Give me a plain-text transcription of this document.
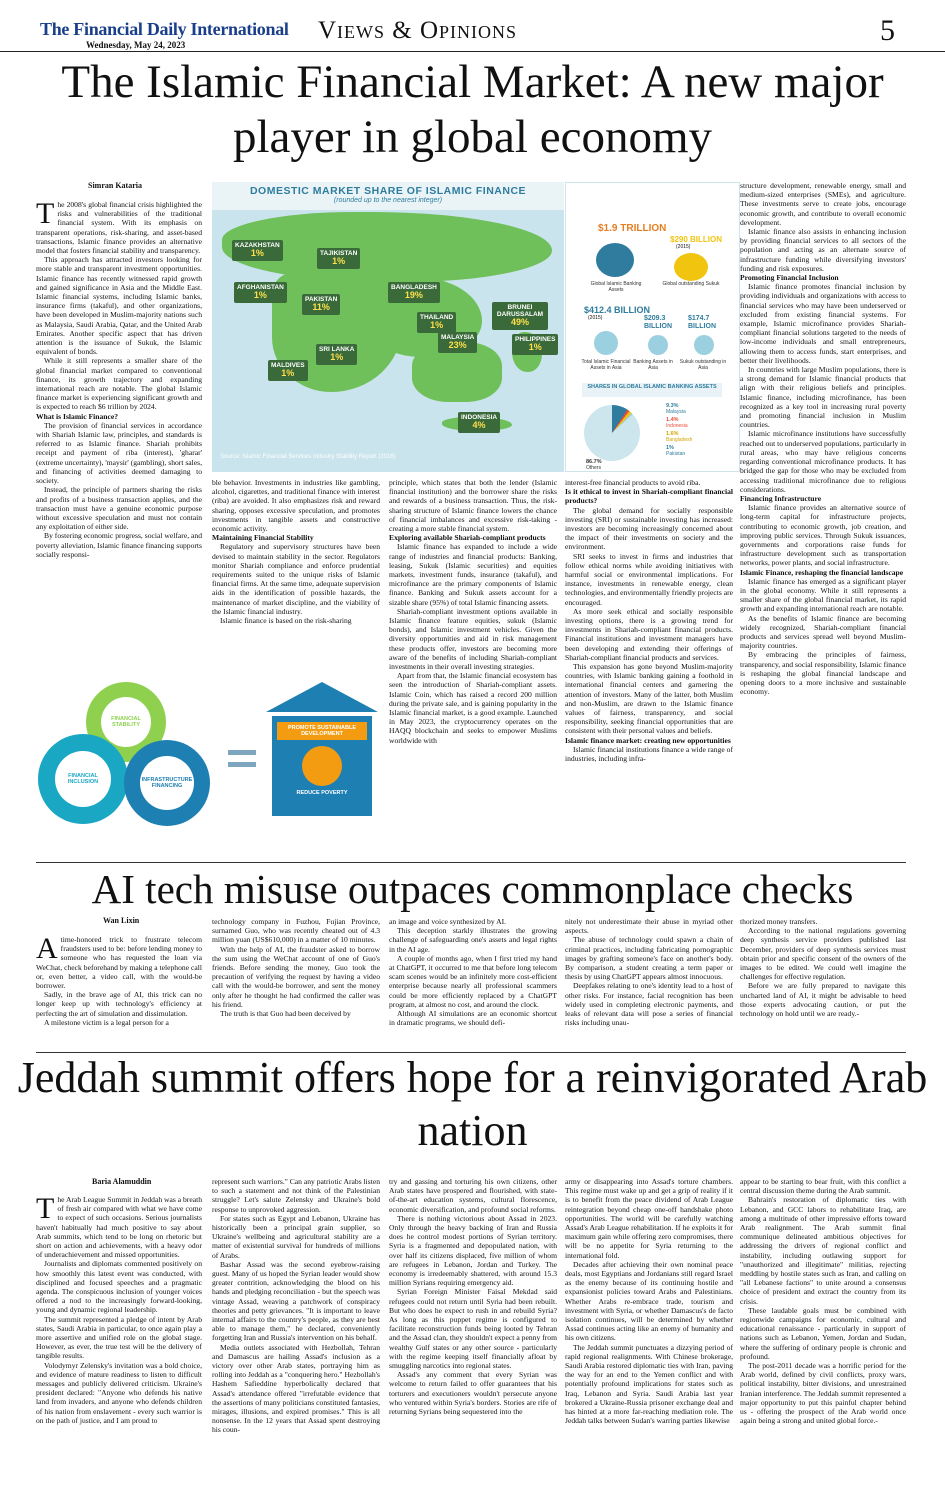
The Financial Daily International
Wednesday, May 24, 2023
Views & Opinions	5
The Islamic Financial Market: A new major player in global economy
Simran Kataria

The 2008's global financial crisis highlighted the risks and vulnerabilities of the traditional financial system. With its emphasis on transparent operations, risk-sharing, and asset-based transactions, Islamic finance provides an alternative model that fosters financial stability and transparency.

This approach has attracted investors looking for more stable and transparent investment opportunities. Islamic finance has recently witnessed rapid growth and gained significance in Asia and the Middle East. Islamic financial systems, including Islamic banks, insurance firms (takaful), and other organizations, have been developed in Muslim-majority nations such as Malaysia, Saudi Arabia, Qatar, and the United Arab Emirates. Another specific aspect that has driven attention is the issuance of Sukuk, the Islamic equivalent of bonds.

While it still represents a smaller share of the global financial market compared to conventional finance, its growth trajectory and expanding international reach are notable. The global Islamic finance market is experiencing significant growth and is expected to reach $6 trillion by 2024.

What is Islamic Finance?

The provision of financial services in accordance with Shariah Islamic law, principles, and standards is referred to as Islamic finance. Shariah prohibits receipt and payment of riba (interest), 'gharar' (extreme uncertainty), 'maysir' (gambling), short sales, and financing of activities deemed damaging to society.

Instead, the principle of partners sharing the risks and profits of a business transaction applies, and the transaction must have a genuine economic purpose without excessive speculation and must not contain any exploitation of either side.

By fostering economic progress, social welfare, and poverty alleviation, Islamic finance financing supports socially responsi-

ble behavior. Investments in industries like gambling, alcohol, cigarettes, and traditional finance with interest (riba) are avoided. It also emphasizes risk and reward sharing, opposes excessive speculation, and promotes investments in tangible assets and constructive economic activity.

Maintaining Financial Stability

Regulatory and supervisory structures have been devised to maintain stability in the sector. Regulators monitor Shariah compliance and enforce prudential requirements suited to the unique risks of Islamic financial firms. At the same time, adequate supervision aids in the identification of possible hazards, the maintenance of market discipline, and the viability of the Islamic financial industry.

Islamic finance is based on the risk-sharing

principle, which states that both the lender (Islamic financial institution) and the borrower share the risks and rewards of a business transaction. Thus, the risk-sharing structure of Islamic finance lowers the chance of financial imbalances and excessive risk-taking - creating a more stable financial system.

Exploring available Shariah-compliant products

Islamic finance has expanded to include a wide range of industries and financial products: Banking, leasing, Sukuk (Islamic securities) and equities markets, investment funds, insurance (takaful), and microfinance are the primary components of Islamic finance. Banking and Sukuk assets account for a sizable share (95%) of total Islamic financing assets.

Shariah-compliant investment options available in Islamic finance feature equities, sukuk (Islamic bonds), and Islamic investment vehicles. Given the diversity opportunities and aid in risk management these products offer, investors are becoming more aware of the benefits of including Shariah-compliant investments in their overall investing strategies.

Apart from that, the Islamic financial ecosystem has seen the introduction of Shariah-compliant assets. Islamic Coin, which has raised a record 200 million during the private sale, and is gaining popularity in the Islamic financial market, is a good example. Launched in May 2023, the cryptocurrency operates on the HAQQ blockchain and seeks to empower Muslims worldwide with

interest-free financial products to avoid riba.

Is it ethical to invest in Shariah-compliant financial products?

The global demand for socially responsible investing (SRI) or sustainable investing has increased: investors are becoming increasingly concerned about the impact of their investments on society and the environment.

SRI seeks to invest in firms and industries that follow ethical norms while avoiding initiatives with harmful social or environmental implications. For instance, investments in renewable energy, clean technologies, and environmentally friendly projects are encouraged.

As more seek ethical and socially responsible investing options, there is a growing trend for investments in Shariah-compliant financial products. Financial institutions and investment managers have been developing and extending their offerings of Shariah-compliant financial products and services.

This expansion has gone beyond Muslim-majority countries, with Islamic banking gaining a foothold in international financial centers and garnering the attention of investors. Many of the latter, both Muslim and non-Muslim, are drawn to the Islamic finance values of fairness, transparency, and social responsibility, seeking financial opportunities that are consistent with their personal values and beliefs.

Islamic finance market: creating new opportunities

Islamic financial institutions finance a wide range of industries, including infra-

structure development, renewable energy, small and medium-sized enterprises (SMEs), and agriculture. These investments serve to create jobs, encourage economic growth, and contribute to overall economic development.

Islamic finance also assists in enhancing inclusion by providing financial services to all sectors of the population and acting as an alternate source of infrastructure funding while diversifying investors' funding and risk exposures.

Promoting Financial Inclusion

Islamic finance promotes financial inclusion by providing individuals and organizations with access to financial services who may have been underserved or excluded from existing financial systems. For example, Islamic microfinance provides Shariah-compliant financial solutions targeted to the needs of low-income individuals and small entrepreneurs, allowing them to access funds, start enterprises, and better their livelihoods.

In countries with large Muslim populations, there is a strong demand for Islamic financial products that align with their religious beliefs and principles. Islamic finance, including microfinance, has been recognized as a key tool in increasing rural poverty and promoting financial inclusion in Muslim countries.

Islamic microfinance institutions have successfully reached out to underserved populations, particularly in rural areas, who may have religious concerns regarding conventional microfinance products. It has bridged the gap for those who may be excluded from accessing traditional microfinance due to religious considerations.

Financing Infrastructure

Islamic finance provides an alternative source of long-term capital for infrastructure projects, contributing to economic growth, job creation, and improving public services. Through Sukuk issuances, governments and corporations raise funds for infrastructure development such as transportation networks, power plants, and social infrastructure.

Islamic Finance, reshaping the financial landscape

Islamic finance has emerged as a significant player in the global economy. While it still represents a smaller share of the global financial market, its rapid growth and expanding international reach are notable.

As the benefits of Islamic finance are becoming widely recognized, Shariah-compliant financial products and services spread well beyond Muslim-majority countries.

By embracing the principles of fairness, transparency, and social responsibility, Islamic finance is reshaping the global financial landscape and opening doors to a more inclusive and sustainable economy.

DOMESTIC MARKET SHARE OF ISLAMIC FINANCE
(rounded up to the nearest integer)
KAZAKHSTAN
1%	TAJIKISTAN
1%
AFGHANISTAN
1%	PAKISTAN
11%
BANGLADESH
19%
THAILAND
1%
BRUNEI DARUSSALAM
49%
SRI LANKA
1%
MALAYSIA
23%
PHILIPPINES
1%
MALDIVES
1%
INDONESIA
4%
Source: Islamic Financial Services Industry Stability Report (2016)
$1.9 TRILLION
$290 BILLION
(2015)
Global Islamic Banking Assets
Global outstanding Sukuk
$412.4 BILLION
(2015)	$209.3 BILLION
$174.7 BILLION
Total Islamic Financial Assets in Asia
Banking Assets in Asia
Sukuk outstanding in Asia
SHARES IN GLOBAL ISLAMIC BANKING ASSETS
9.3%
Malaysia
1.4%
Indonesia
1.6%
Bangladesh
1%
Pakistan
86.7%
Others
FINANCIAL STABILITY
FINANCIAL INCLUSION	INFRASTRUCTURE FINANCING
PROMOTE SUSTAINABLE DEVELOPMENT
REDUCE POVERTY
AI tech misuse outpaces commonplace checks
Wan Lixin

A time-honored trick to frustrate telecom fraudsters used to be: before lending money to someone who has requested the loan via WeChat, check beforehand by making a telephone call or, even better, a video call, with the would-be borrower.

Sadly, in the brave age of AI, this trick can no longer keep up with technology's efficiency at perfecting the art of simulation and dissimulation.

A milestone victim is a legal person for a

technology company in Fuzhou, Fujian Province, surnamed Guo, who was recently cheated out of 4.3 million yuan (US$610,000) in a matter of 10 minutes.

With the help of AI, the fraudster asked to borrow the sum using the WeChat account of one of Guo's friends. Before sending the money, Guo took the precaution of verifying the request by having a video call with the would-be borrower, and sent the money only after he thought he had confirmed the caller was his friend.

The truth is that Guo had been deceived by

an image and voice synthesized by AI.

This deception starkly illustrates the growing challenge of safeguarding one's assets and legal rights in the AI age.

A couple of months ago, when I first tried my hand at ChatGPT, it occurred to me that before long telecom scam scenes would be an infinitely more cost-efficient enterprise because nearly all professional scammers could be more efficiently replaced by a ChatGPT program, at almost no cost, and around the clock.

Although AI simulations are an economic shortcut in dramatic programs, we should defi-

nitely not underestimate their abuse in myriad other aspects.

The abuse of technology could spawn a chain of criminal practices, including fabricating pornographic images by grafting someone's face on another's body. By comparison, a student creating a term paper or thesis by using ChatGPT appears almost innocuous.

Deepfakes relating to one's identity lead to a host of other risks. For instance, facial recognition has been widely used in completing electronic payments, and leaks of relevant data will pose a series of financial risks including unau-

thorized money transfers.

According to the national regulations governing deep synthesis service providers published last December, providers of deep synthesis services must obtain prior and specific consent of the owners of the images to be edited. We could well imagine the challenges for effective regulation.

Before we are fully prepared to navigate this uncharted land of AI, it might be advisable to heed those experts advocating caution, or put the technology on hold until we are ready.-

Jeddah summit offers hope for a reinvigorated Arab nation
Baria Alamuddin

The Arab League Summit in Jeddah was a breath of fresh air compared with what we have come to expect of such occasions. Serious journalists haven't habitually had much positive to say about Arab summits, which tend to be long on rhetoric but short on action and achievements, with a heavy odor of underachievement and missed opportunities.

Journalists and diplomats commented positively on how smoothly this latest event was conducted, with disciplined and focused speeches and a pragmatic agenda. The conspicuous inclusion of younger voices offered a nod to the increasingly forward-looking, young and dynamic regional leadership.

The summit represented a pledge of intent by Arab states, Saudi Arabia in particular, to once again play a more assertive and unified role on the global stage. However, as ever, the true test will be the delivery of tangible results.

Volodymyr Zelensky's invitation was a bold choice, and evidence of mature readiness to listen to difficult messages and publicly delivered criticism. Ukraine's president declared: "Anyone who defends his native land from invaders, and anyone who defends children of his nation from enslavement - every such warrior is on the path of justice, and I am proud to

represent such warriors." Can any patriotic Arabs listen to such a statement and not think of the Palestinian struggle? Let's salute Zelensky and Ukraine's bold response to unprovoked aggression.

For states such as Egypt and Lebanon, Ukraine has historically been a principal grain supplier, so Ukraine's wellbeing and agricultural stability are a matter of existential survival for hundreds of millions of Arabs.

Bashar Assad was the second eyebrow-raising guest. Many of us hoped the Syrian leader would show greater contrition, acknowledging the blood on his hands and pledging reconciliation - but the speech was vintage Assad, weaving a patchwork of conspiracy theories and petty grievances. "It is important to leave internal affairs to the country's people, as they are best able to manage them," he declared, conveniently forgetting Iran and Russia's intervention on his behalf.

Media outlets associated with Hezbollah, Tehran and Damascus are hailing Assad's inclusion as a victory over other Arab states, portraying him as rolling into Jeddah as a "conquering hero." Hezbollah's Hashem Safieddine hyperbolically declared that Assad's attendance offered "irrefutable evidence that the assertions of many politicians constituted fantasies, mirages, illusions, and expired promises." This is all nonsense. In the 12 years that Assad spent destroying his coun-

try and gassing and torturing his own citizens, other Arab states have prospered and flourished, with state-of-the-art education systems, cultural florescence, economic diversification, and profound social reforms.

There is nothing victorious about Assad in 2023. Only through the heavy backing of Iran and Russia does he control modest portions of Syrian territory. Syria is a fragmented and depopulated nation, with over half its citizens displaced, five million of whom are refugees in Lebanon, Jordan and Turkey. The economy is irredeemably shattered, with around 15.3 million Syrians requiring emergency aid.

Syrian Foreign Minister Faisal Mekdad said refugees could not return until Syria had been rebuilt. But who does he expect to rush in and rebuild Syria? As long as this puppet regime is configured to facilitate reconstruction funds being looted by Tehran and the Assad clan, they shouldn't expect a penny from wealthy Gulf states or any other source - particularly with the regime keeping itself financially afloat by smuggling narcotics into regional states.

Assad's any comment that every Syrian was welcome to return failed to offer guarantees that his torturers and executioners wouldn't persecute anyone who ventured within Syria's borders. Stories are rife of returning Syrians being sequestered into the

army or disappearing into Assad's torture chambers. This regime must wake up and get a grip of reality if it is to benefit from the peace dividend of Arab League reintegration beyond cheap one-off handshake photo opportunities. The world will be carefully watching Assad's Arab League rehabilitation. If he exploits it for maximum gain while offering zero compromises, there will be no appetite for Syria returning to the international fold.

Decades after achieving their own nominal peace deals, most Egyptians and Jordanians still regard Israel as the enemy because of its continuing hostile and expansionist policies toward Arabs and Palestinians. Whether Arabs re-embrace trade, tourism and investment with Syria, or whether Damascus's de facto isolation continues, will be determined by whether Assad continues acting like an enemy of humanity and his own citizens.

The Jeddah summit punctuates a dizzying period of rapid regional realignments. With Chinese brokerage, Saudi Arabia restored diplomatic ties with Iran, paving the way for an end to the Yemen conflict and with potentially profound implications for states such as Iraq, Lebanon and Syria. Saudi Arabia last year brokered a Ukraine-Russia prisoner exchange deal and has hinted at a more far-reaching mediation role. The Jeddah talks between Sudan's warring parties likewise

appear to be starting to bear fruit, with this conflict a central discussion theme during the Arab summit.

Bahrain's restoration of diplomatic ties with Lebanon, and GCC labors to rehabilitate Iraq, are among a multitude of other impressive efforts toward Arab realignment. The Arab summit final communique delineated ambitious objectives for addressing the drivers of regional conflict and instability, including outlawing support for "unauthorized and illegitimate" militias, rejecting meddling by hostile states such as Iran, and calling on "all Lebanese factions" to unite around a consensus choice of president and extract the country from its crisis.

These laudable goals must be combined with regionwide campaigns for economic, cultural and educational renaissance - particularly in support of nations such as Lebanon, Yemen, Jordan and Sudan, where the suffering of ordinary people is chronic and profound.

The post-2011 decade was a horrific period for the Arab world, defined by civil conflicts, proxy wars, political instability, bitter divisions, and unrestrained Iranian interference. The Jeddah summit represented a major opportunity to put this painful chapter behind us - offering the prospect of the Arab world once again being a strong and united global force.-
